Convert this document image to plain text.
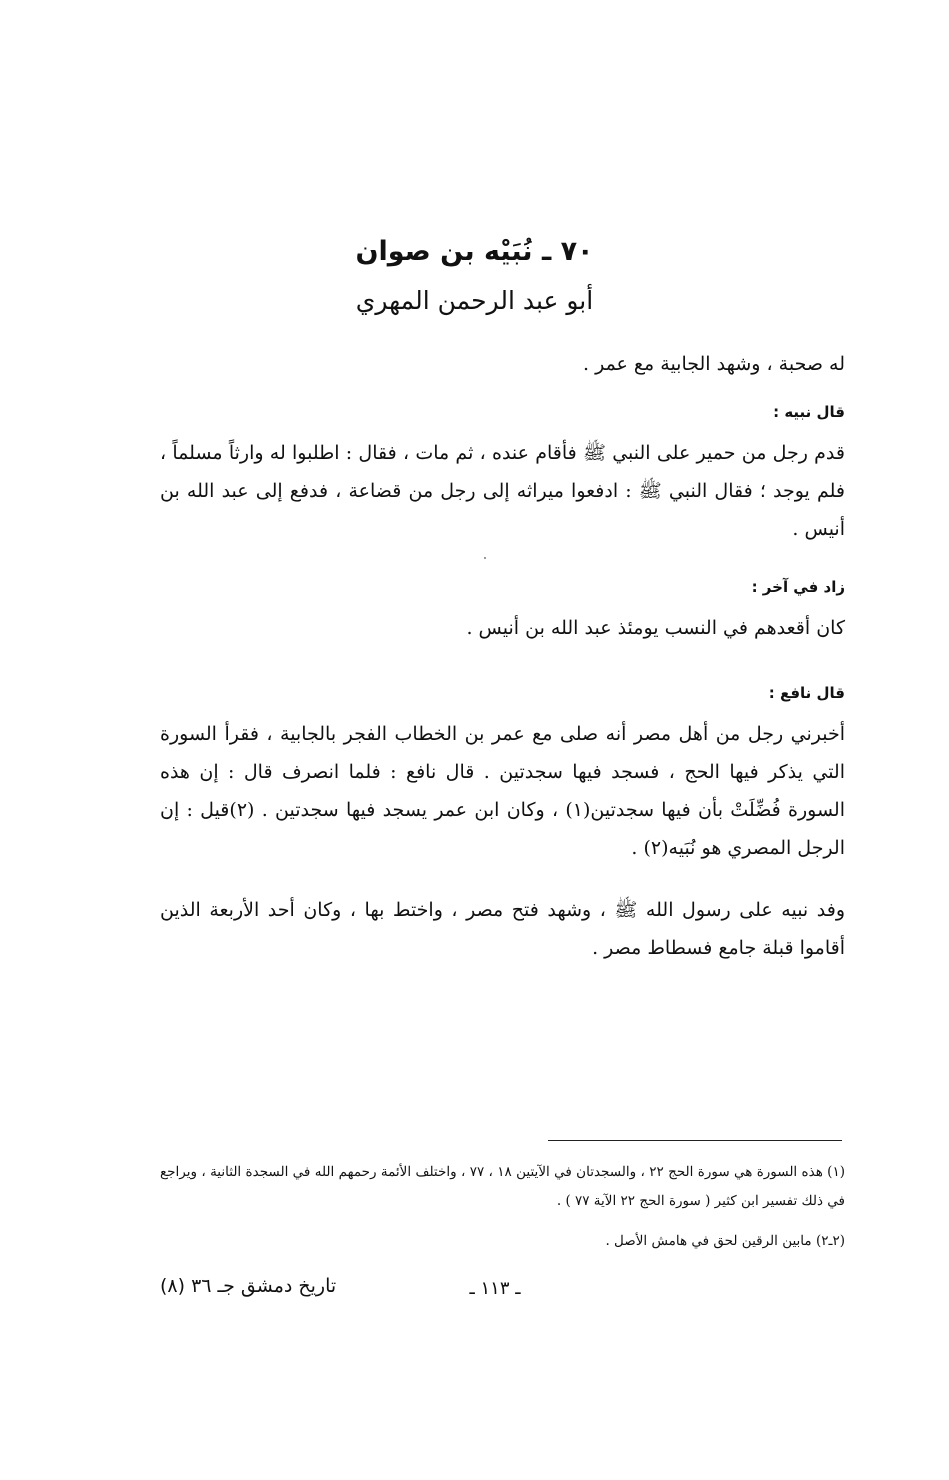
٧٠ ـ نُبَيْه بن صوان
أبو عبد الرحمن المهري
له صحبة ، وشهد الجابية مع عمر .
قال نبيه :
قدم رجل من حمير على النبي ﷺ فأقام عنده ، ثم مات ، فقال : اطلبوا له وارثاً مسلماً ، فلم يوجد ؛ فقال النبي ﷺ : ادفعوا ميراثه إلى رجل من قضاعة ، فدفع إلى عبد الله بن أنيس .
زاد في آخر :
كان أقعدهم في النسب يومئذ عبد الله بن أنيس .
قال نافع :
أخبرني رجل من أهل مصر أنه صلى مع عمر بن الخطاب الفجر بالجابية ، فقرأ السورة التي يذكر فيها الحج ، فسجد فيها سجدتين . قال نافع : فلما انصرف قال : إن هذه السورة فُضِّلَتْ بأن فيها سجدتين(١) ، وكان ابن عمر يسجد فيها سجدتين . (٢)قيل : إن الرجل المصري هو نُبَيه(٢) .
وفد نبيه على رسول الله ﷺ ، وشهد فتح مصر ، واختط بها ، وكان أحد الأربعة الذين أقاموا قبلة جامع فسطاط مصر .
(١) هذه السورة هي سورة الحج ٢٢ ، والسجدتان في الآيتين ١٨ ، ٧٧ ، واختلف الأئمة رحمهم الله في السجدة الثانية ، ويراجع في ذلك تفسير ابن كثير ( سورة الحج ٢٢ الآية ٧٧ ) .
(٢ـ٢) مابين الرقين لحق في هامش الأصل .
تاريخ دمشق جـ ٣٦ (٨)	ـ ١١٣ ـ
